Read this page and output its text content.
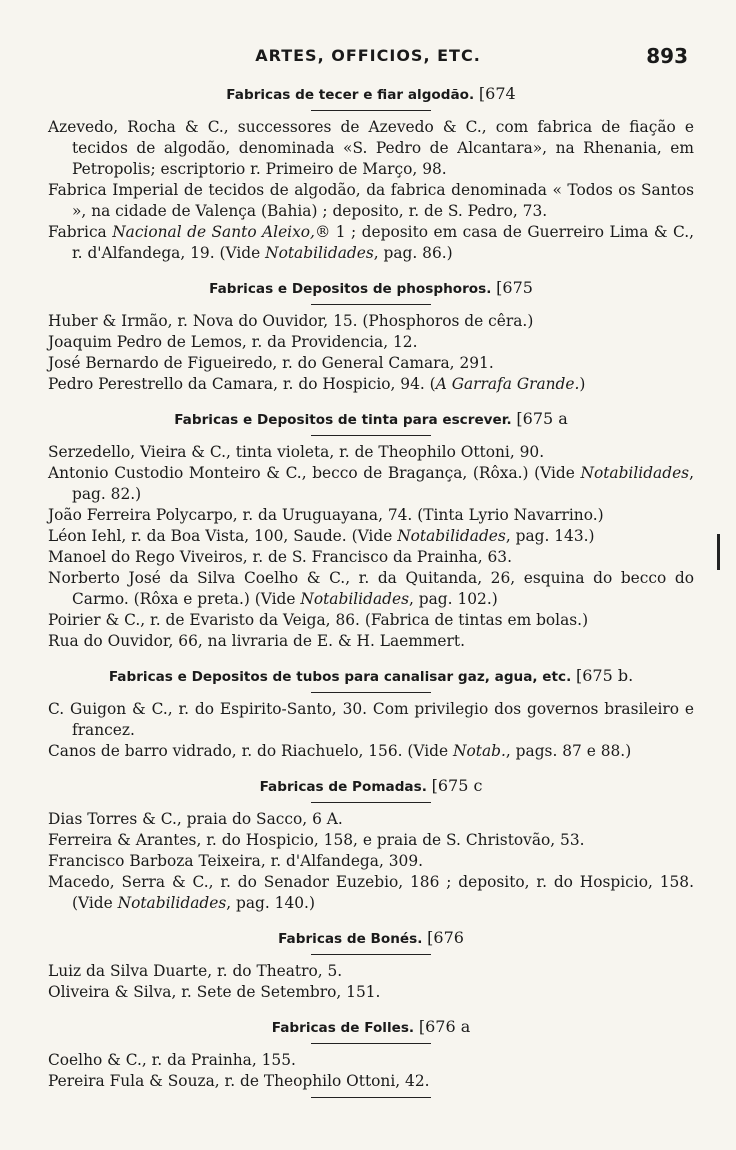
ARTES, OFFICIOS, ETC.	893
Fabricas de tecer e fiar algodão. [674
Azevedo, Rocha & C., successores de Azevedo & C., com fabrica de fiação e tecidos de algodão, denominada «S. Pedro de Alcantara», na Rhenania, em Petropolis; escriptorio r. Primeiro de Março, 98.
Fabrica Imperial de tecidos de algodão, da fabrica denominada « Todos os Santos », na cidade de Valença (Bahia) ; deposito, r. de S. Pedro, 73.
Fabrica Nacional de Santo Aleixo,® 1 ; deposito em casa de Guerreiro Lima & C., r. d'Alfandega, 19. (Vide Notabilidades, pag. 86.)
Fabricas e Depositos de phosphoros. [675
Huber & Irmão, r. Nova do Ouvidor, 15. (Phosphoros de cêra.)
Joaquim Pedro de Lemos, r. da Providencia, 12.
José Bernardo de Figueiredo, r. do General Camara, 291.
Pedro Perestrello da Camara, r. do Hospicio, 94. (A Garrafa Grande.)
Fabricas e Depositos de tinta para escrever. [675 a
Serzedello, Vieira & C., tinta violeta, r. de Theophilo Ottoni, 90.
Antonio Custodio Monteiro & C., becco de Bragança, (Rôxa.) (Vide Notabilidades, pag. 82.)
João Ferreira Polycarpo, r. da Uruguayana, 74. (Tinta Lyrio Navarrino.)
Léon Iehl, r. da Boa Vista, 100, Saude. (Vide Notabilidades, pag. 143.)
Manoel do Rego Viveiros, r. de S. Francisco da Prainha, 63.
Norberto José da Silva Coelho & C., r. da Quitanda, 26, esquina do becco do Carmo. (Rôxa e preta.) (Vide Notabilidades, pag. 102.)
Poirier & C., r. de Evaristo da Veiga, 86. (Fabrica de tintas em bolas.)
Rua do Ouvidor, 66, na livraria de E. & H. Laemmert.
Fabricas e Depositos de tubos para canalisar gaz, agua, etc. [675 b.
C. Guigon & C., r. do Espirito-Santo, 30. Com privilegio dos governos brasileiro e francez.
Canos de barro vidrado, r. do Riachuelo, 156. (Vide Notab., pags. 87 e 88.)
Fabricas de Pomadas. [675 c
Dias Torres & C., praia do Sacco, 6 A.
Ferreira & Arantes, r. do Hospicio, 158, e praia de S. Christovão, 53.
Francisco Barboza Teixeira, r. d'Alfandega, 309.
Macedo, Serra & C., r. do Senador Euzebio, 186 ; deposito, r. do Hospicio, 158. (Vide Notabilidades, pag. 140.)
Fabricas de Bonés. [676
Luiz da Silva Duarte, r. do Theatro, 5.
Oliveira & Silva, r. Sete de Setembro, 151.
Fabricas de Folles. [676 a
Coelho & C., r. da Prainha, 155.
Pereira Fula & Souza, r. de Theophilo Ottoni, 42.
